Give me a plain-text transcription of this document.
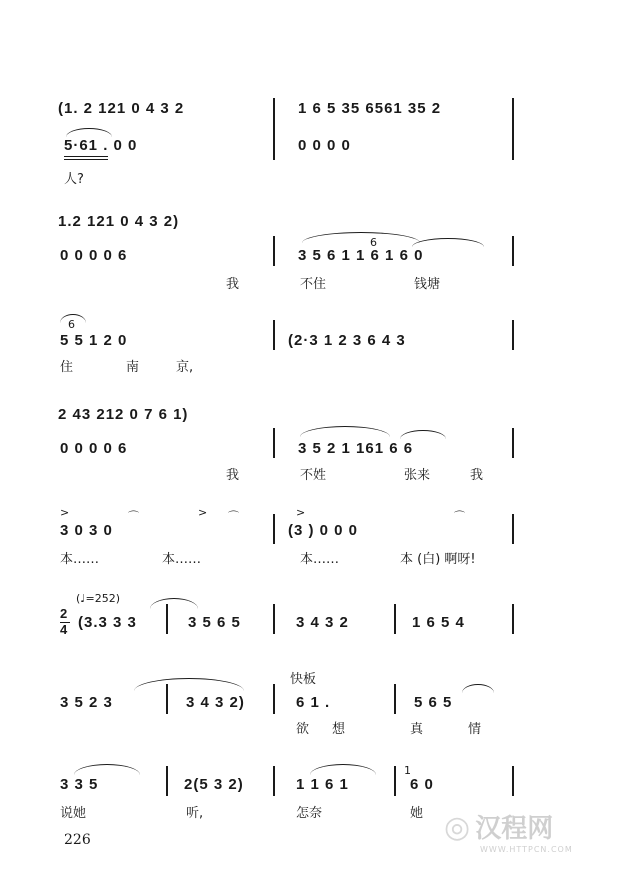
(1. 2 121 0 4 3 2	1 6 5 35 6561 35 2
5·61 . 0 0	0 0 0 0
人?
1.2 121 0 4 3 2)
0 0 0 0 6	3 5 6 1 1 6 1 6 0
6
我	不住	钱塘
6
5 5 1 2 0	(2·3 1 2 3 6 4 3
住	南	京,
2 43 212 0 7 6 1)
0 0 0 0 6	3 5 2 1 161 6 6
我	不姓	张来	我
3 0 3 0	(3 ) 0 0 0
>	>	>
⌒	⌒	⌒
本……	本……	本……	本 (白) 啊呀!
(♩=252)
2
4 (3.3 3 3	3 5 6 5	3 4 3 2	1 6 5 4
快板
3 5 2 3	3 4 3 2)	6 1 .	5 6 5
欲 想	真	情
3 3 5	2(5 3 2)	1 1 6 1	6 0
1
说她	听,	怎奈	她
226	◎ 汉程网
WWW.HTTPCN.COM
